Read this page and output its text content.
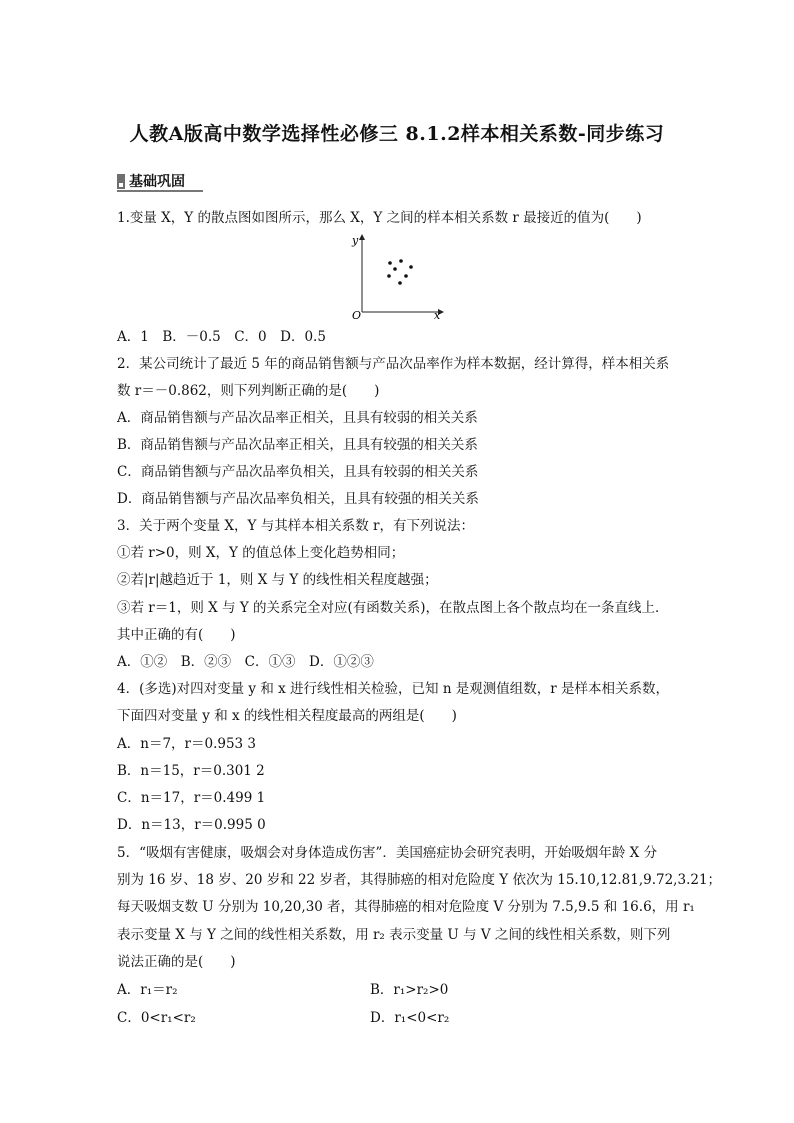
人教A版高中数学选择性必修三 8.1.2样本相关系数-同步练习
基础巩固
1.变量 X，Y 的散点图如图所示，那么 X，Y 之间的样本相关系数 r 最接近的值为(　　)
y
x
O
A．1　B．－0.5　C．0　D．0.5
2．某公司统计了最近 5 年的商品销售额与产品次品率作为样本数据，经计算得，样本相关系
数 r＝－0.862，则下列判断正确的是(　　)
A．商品销售额与产品次品率正相关，且具有较弱的相关关系
B．商品销售额与产品次品率正相关，且具有较强的相关关系
C．商品销售额与产品次品率负相关，且具有较弱的相关关系
D．商品销售额与产品次品率负相关，且具有较强的相关关系
3．关于两个变量 X，Y 与其样本相关系数 r，有下列说法：
①若 r>0，则 X，Y 的值总体上变化趋势相同；
②若|r|越趋近于 1，则 X 与 Y 的线性相关程度越强；
③若 r＝1，则 X 与 Y 的关系完全对应(有函数关系)，在散点图上各个散点均在一条直线上．
其中正确的有(　　)
A．①②　B．②③　C．①③　D．①②③
4．(多选)对四对变量 y 和 x 进行线性相关检验，已知 n 是观测值组数，r 是样本相关系数，
下面四对变量 y 和 x 的线性相关程度最高的两组是(　　)
A．n＝7，r＝0.953 3
B．n＝15，r＝0.301 2
C．n＝17，r＝0.499 1
D．n＝13，r＝0.995 0
5．“吸烟有害健康，吸烟会对身体造成伤害”．美国癌症协会研究表明，开始吸烟年龄 X 分
别为 16 岁、18 岁、20 岁和 22 岁者，其得肺癌的相对危险度 Y 依次为 15.10,12.81,9.72,3.21；
每天吸烟支数 U 分别为 10,20,30 者，其得肺癌的相对危险度 V 分别为 7.5,9.5 和 16.6，用 r₁
表示变量 X 与 Y 之间的线性相关系数，用 r₂ 表示变量 U 与 V 之间的线性相关系数，则下列
说法正确的是(　　)
A．r₁＝r₂	B．r₁>r₂>0
C．0<r₁<r₂	D．r₁<0<r₂
